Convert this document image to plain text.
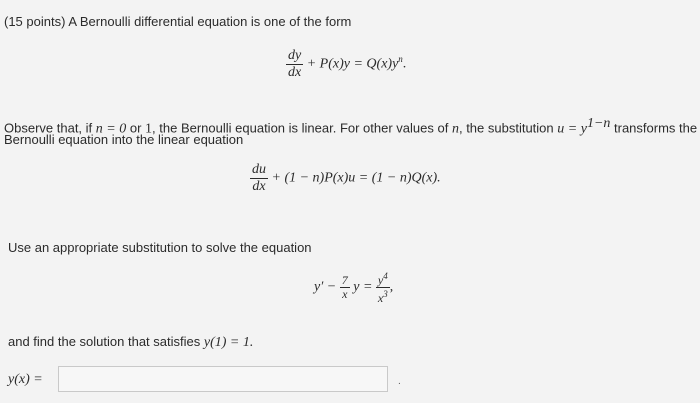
(15 points) A Bernoulli differential equation is one of the form
$\frac{dy}{dx} + P(x)y = Q(x)y^n$.
Observe that, if n = 0 or 1, the Bernoulli equation is linear. For other values of n, the substitution $u = y^{1-n}$ transforms the
Bernoulli equation into the linear equation
$\frac{du}{dx} + (1 - n)P(x)u = (1 - n)Q(x)$.
Use an appropriate substitution to solve the equation
$y' - \frac{7}{x}$ $y = \frac{y^4}{x^3}$ ,
and find the solution that satisfies y(1) = 1.
y(x) =	.
